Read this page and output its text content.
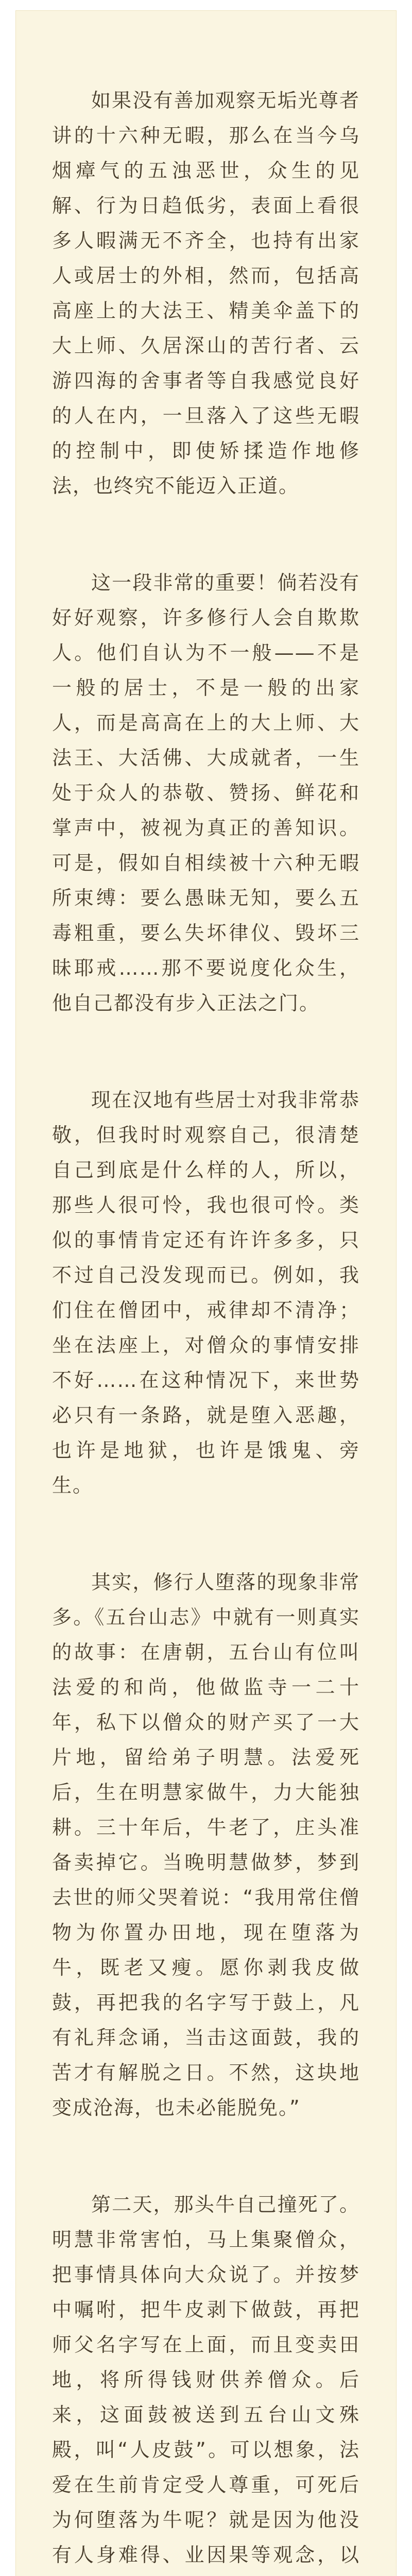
如果没有善加观察无垢光尊者讲的十六种无暇，那么在当今乌烟瘴气的五浊恶世，众生的见解、行为日趋低劣，表面上看很多人暇满无不齐全，也持有出家人或居士的外相，然而，包括高高座上的大法王、精美伞盖下的大上师、久居深山的苦行者、云游四海的舍事者等自我感觉良好的人在内，一旦落入了这些无暇的控制中，即使矫揉造作地修法，也终究不能迈入正道。

这一段非常的重要！倘若没有好好观察，许多修行人会自欺欺人。他们自认为不一般——不是一般的居士，不是一般的出家人，而是高高在上的大上师、大法王、大活佛、大成就者，一生处于众人的恭敬、赞扬、鲜花和掌声中，被视为真正的善知识。可是，假如自相续被十六种无暇所束缚：要么愚昧无知，要么五毒粗重，要么失坏律仪、毁坏三昧耶戒……那不要说度化众生，他自己都没有步入正法之门。

现在汉地有些居士对我非常恭敬，但我时时观察自己，很清楚自己到底是什么样的人，所以，那些人很可怜，我也很可怜。类似的事情肯定还有许许多多，只不过自己没发现而已。例如，我们住在僧团中，戒律却不清净；坐在法座上，对僧众的事情安排不好……在这种情况下，来世势必只有一条路，就是堕入恶趣，也许是地狱，也许是饿鬼、旁生。

其实，修行人堕落的现象非常多。《五台山志》中就有一则真实的故事：在唐朝，五台山有位叫法爱的和尚，他做监寺一二十年，私下以僧众的财产买了一大片地，留给弟子明慧。法爱死后，生在明慧家做牛，力大能独耕。三十年后，牛老了，庄头准备卖掉它。当晚明慧做梦，梦到去世的师父哭着说：“我用常住僧物为你置办田地，现在堕落为牛，既老又瘦。愿你剥我皮做鼓，再把我的名字写于鼓上，凡有礼拜念诵，当击这面鼓，我的苦才有解脱之日。不然，这块地变成沧海，也未必能脱免。”

第二天，那头牛自己撞死了。明慧非常害怕，马上集聚僧众，把事情具体向大众说了。并按梦中嘱咐，把牛皮剥下做鼓，再把师父名字写在上面，而且变卖田地，将所得钱财供养僧众。后来，这面鼓被送到五台山文殊殿，叫“人皮鼓”。可以想象，法爱在生前肯定受人尊重，可死后为何堕落为牛呢？就是因为他没有人身难得、业因果等观念，以
